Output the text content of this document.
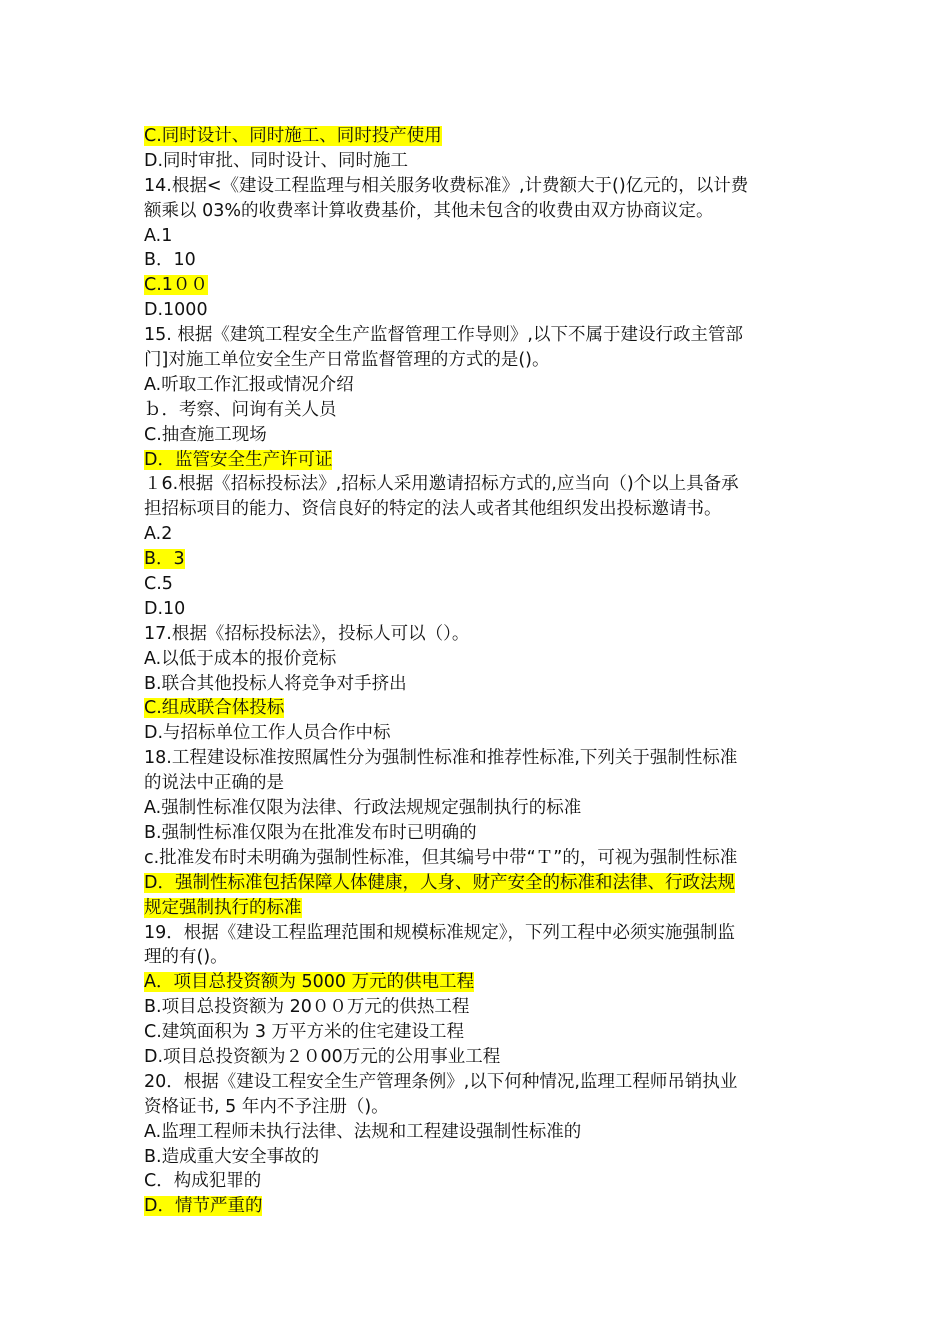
C.同时设计、同时施工、同时投产使用
D.同时审批、同时设计、同时施工
14.根据<《建设工程监理与相关服务收费标准》,计费额大于()亿元的，以计费
额乘以 03%的收费率计算收费基价，其他未包含的收费由双方协商议定。
A.1
B．10
C.1００
D.1000
15. 根据《建筑工程安全生产监督管理工作导则》,以下不属于建设行政主管部
门]对施工单位安全生产日常监督管理的方式的是()。
A.听取工作汇报或情况介绍
ｂ．考察、问询有关人员
C.抽查施工现场
D．监管安全生产许可证
１6.根据《招标投标法》,招标人采用邀请招标方式的,应当向（)个以上具备承
担招标项目的能力、资信良好的特定的法人或者其他组织发出投标邀请书。
A.2
B．3
C.5
D.10
17.根据《招标投标法》，投标人可以（）。
A.以低于成本的报价竞标
B.联合其他投标人将竞争对手挤出
C.组成联合体投标
D.与招标单位工作人员合作中标
18.工程建设标准按照属性分为强制性标准和推荐性标准,下列关于强制性标准
的说法中正确的是
A.强制性标准仅限为法律、行政法规规定强制执行的标准
B.强制性标准仅限为在批准发布时已明确的
c.批准发布时未明确为强制性标准，但其编号中带“Ｔ”的，可视为强制性标准
D．强制性标准包括保障人体健康，人身、财产安全的标准和法律、行政法规
规定强制执行的标准
19．根据《建设工程监理范围和规模标准规定》，下列工程中必须实施强制监
理的有()。
A．项目总投资额为 5000 万元的供电工程
B.项目总投资额为 20００万元的供热工程
C.建筑面积为 3 万平方米的住宅建设工程
D.项目总投资额为２０00万元的公用事业工程
20．根据《建设工程安全生产管理条例》,以下何种情况,监理工程师吊销执业
资格证书, 5 年内不予注册（)。
A.监理工程师未执行法律、法规和工程建设强制性标准的
B.造成重大安全事故的
C．构成犯罪的
D．情节严重的
